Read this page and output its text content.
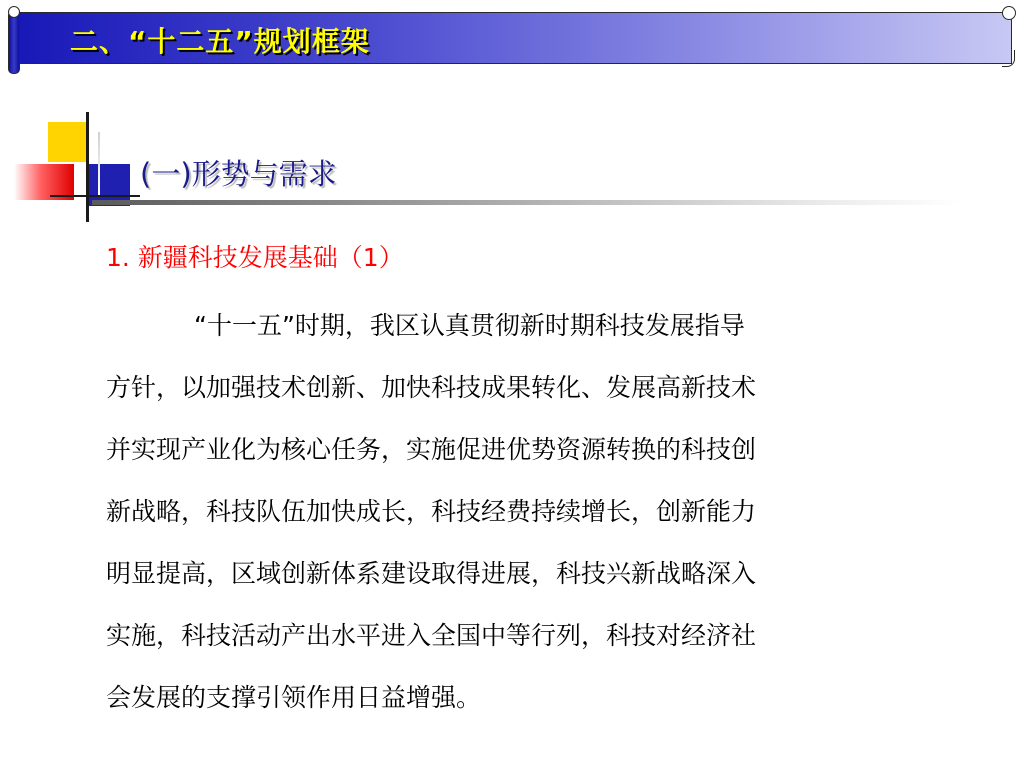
二、“十二五”规划框架
(一)形势与需求
1. 新疆科技发展基础（1）
“十一五”时期，我区认真贯彻新时期科技发展指导
方针，以加强技术创新、加快科技成果转化、发展高新技术
并实现产业化为核心任务，实施促进优势资源转换的科技创
新战略，科技队伍加快成长，科技经费持续增长，创新能力
明显提高，区域创新体系建设取得进展，科技兴新战略深入
实施，科技活动产出水平进入全国中等行列，科技对经济社
会发展的支撑引领作用日益增强。
